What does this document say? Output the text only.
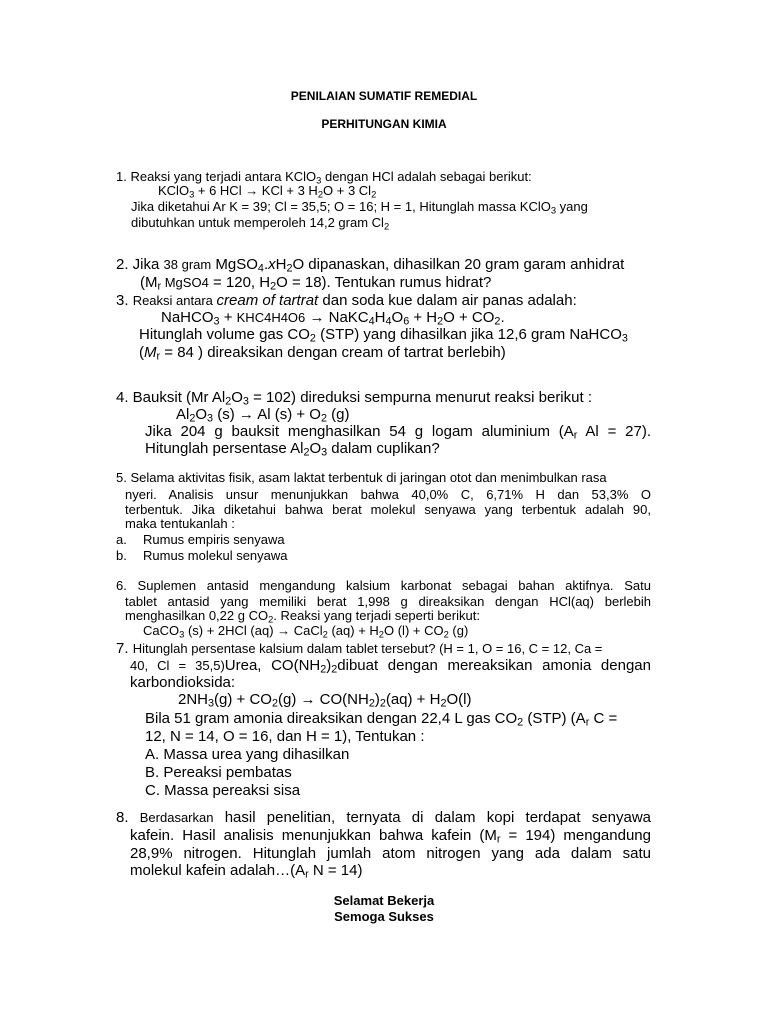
PENILAIAN SUMATIF REMEDIAL
PERHITUNGAN KIMIA
1. Reaksi yang terjadi antara KClO$_3$ dengan HCl adalah sebagai berikut:
KClO$_3$ + 6 HCl → KCl + 3 $H_2O + 3$ $Cl_2$
Jika diketahui Ar K = 39; Cl = 35,5; O = 16; H = 1, Hitunglah massa KClO$_3$ yang
dibutuhkan untuk memperoleh 14,2 gram $Cl_2$
2. Jika 38 gram $MgSO_4.xH_2O$ dipanaskan, dihasilkan 20 gram garam anhidrat
($M_r$ MgSO4 = 120, $H_2O = 18$). Tentukan rumus hidrat?
3. Reaksi antara cream of tartrat dan soda kue dalam air panas adalah:
NaHCO$_3$ + $KHC4H4O6 \to NaKC_4H_4O_6 + H_2O + CO_2$.
Hitunglah volume gas $CO_2$ (STP) yang dihasilkan jika 12,6 gram NaHCO$_3$
($M_r = 84$ ) direaksikan dengan cream of tartrat berlebih)
4. Bauksit (Mr $Al_2O_3 = 102$) direduksi sempurna menurut reaksi berikut :
$Al_2O_3$ (s) → Al $(s) + O_2$ (g)
Jika 204 g bauksit menghasilkan 54 g logam aluminium ($A_r$ Al = 27).
Hitunglah persentase $Al_2O_3$ dalam cuplikan?
5. Selama aktivitas fisik, asam laktat terbentuk di jaringan otot dan menimbulkan rasa
nyeri. Analisis unsur menunjukkan bahwa 40,0% C, 6,71% H dan 53,3% O
terbentuk. Jika diketahui bahwa berat molekul senyawa yang terbentuk adalah 90,
maka tentukanlah :
a. Rumus empiris senyawa
b. Rumus molekul senyawa
6. Suplemen antasid mengandung kalsium karbonat sebagai bahan aktifnya. Satu
tablet antasid yang memiliki berat 1,998 g direaksikan dengan HCl(aq) berlebih
menghasilkan 0,22 g $CO_2$. Reaksi yang terjadi seperti berikut:
CaCO$_3$ (s) + 2HCl (aq) → CaCl$_2$ $(aq) + H_2O$ $(l) + CO_2$ (g)
7. Hitunglah persentase kalsium dalam tablet tersebut? (H = 1, O = 16, C = 12, Ca =
40, Cl = 35,5)Urea, $CO(NH_2)_2dibuat$ dengan mereaksikan amonia dengan
karbondioksida:
$2NH_3(g) + CO_2(g) \to CO(NH_2)_2(aq) + H_2O(l)$
Bila 51 gram amonia direaksikan dengan 22,4 L gas $CO_2$ (STP) ($A_r$ C =
12, N = 14, O = 16, dan H = 1), Tentukan :
A. Massa urea yang dihasilkan
B. Pereaksi pembatas
C. Massa pereaksi sisa
8. Berdasarkan hasil penelitian, ternyata di dalam kopi terdapat senyawa
kafein. Hasil analisis menunjukkan bahwa kafein $(M_r = 194)$ mengandung
28,9% nitrogen. Hitunglah jumlah atom nitrogen yang ada dalam satu
molekul kafein $adalah\dots(A_r$ N = 14)
Selamat Bekerja
Semoga Sukses
